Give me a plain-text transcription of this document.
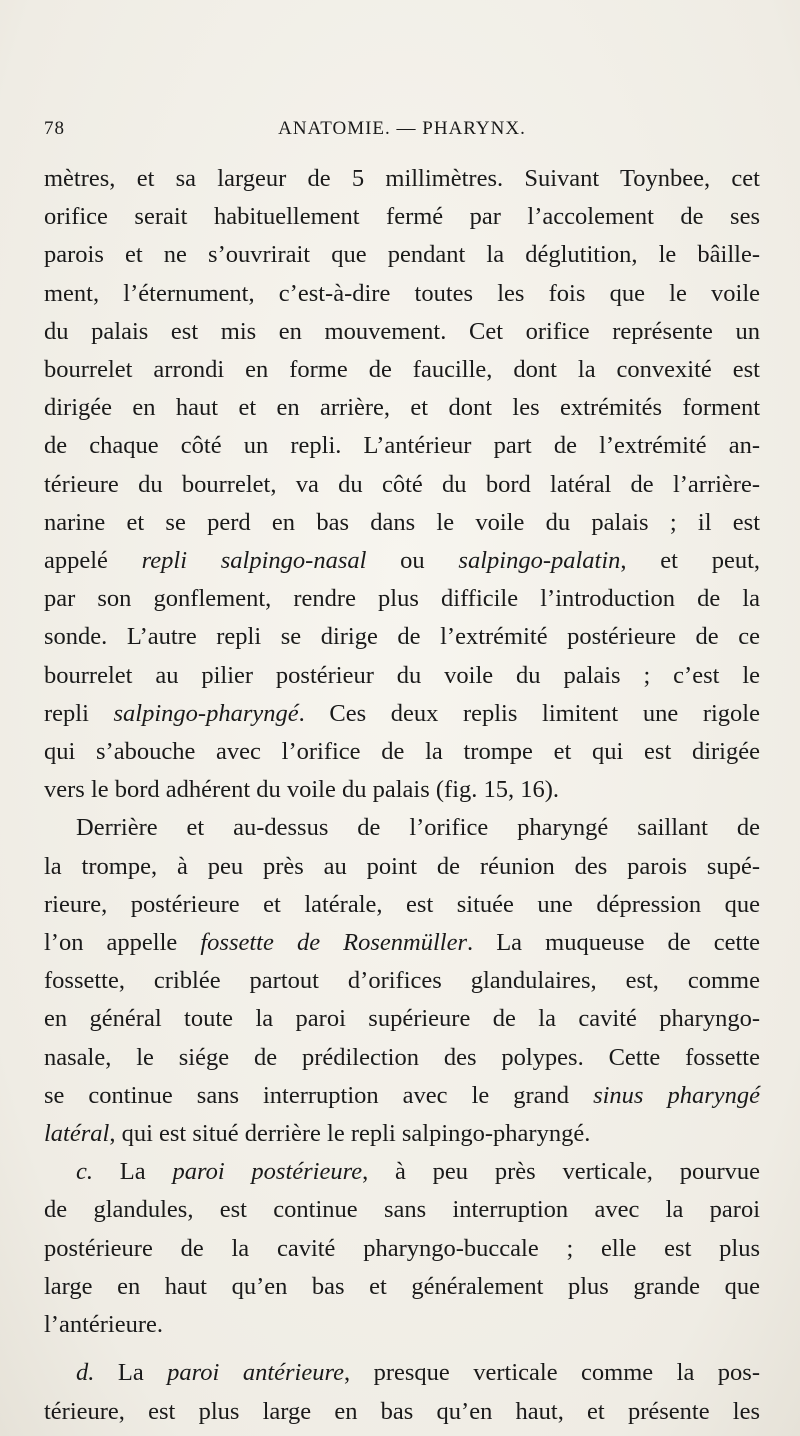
78	ANATOMIE. — PHARYNX.
mètres, et sa largeur de 5 millimètres. Suivant Toynbee, cet
orifice serait habituellement fermé par l’accolement de ses
parois et ne s’ouvrirait que pendant la déglutition, le bâille-
ment, l’éternument, c’est-à-dire toutes les fois que le voile
du palais est mis en mouvement. Cet orifice représente un
bourrelet arrondi en forme de faucille, dont la convexité est
dirigée en haut et en arrière, et dont les extrémités forment
de chaque côté un repli. L’antérieur part de l’extrémité an-
térieure du bourrelet, va du côté du bord latéral de l’arrière-
narine et se perd en bas dans le voile du palais ; il est
appelé repli salpingo-nasal ou salpingo-palatin, et peut,
par son gonflement, rendre plus difficile l’introduction de la
sonde. L’autre repli se dirige de l’extrémité postérieure de ce
bourrelet au pilier postérieur du voile du palais ; c’est le
repli salpingo-pharyngé. Ces deux replis limitent une rigole
qui s’abouche avec l’orifice de la trompe et qui est dirigée
vers le bord adhérent du voile du palais (fig. 15, 16).
Derrière et au-dessus de l’orifice pharyngé saillant de
la trompe, à peu près au point de réunion des parois supé-
rieure, postérieure et latérale, est située une dépression que
l’on appelle fossette de Rosenmüller. La muqueuse de cette
fossette, criblée partout d’orifices glandulaires, est, comme
en général toute la paroi supérieure de la cavité pharyngo-
nasale, le siége de prédilection des polypes. Cette fossette
se continue sans interruption avec le grand sinus pharyngé
latéral, qui est situé derrière le repli salpingo-pharyngé.
c. La paroi postérieure, à peu près verticale, pourvue
de glandules, est continue sans interruption avec la paroi
postérieure de la cavité pharyngo-buccale ; elle est plus
large en haut qu’en bas et généralement plus grande que
l’antérieure.
d. La paroi antérieure, presque verticale comme la pos-
térieure, est plus large en bas qu’en haut, et présente les
